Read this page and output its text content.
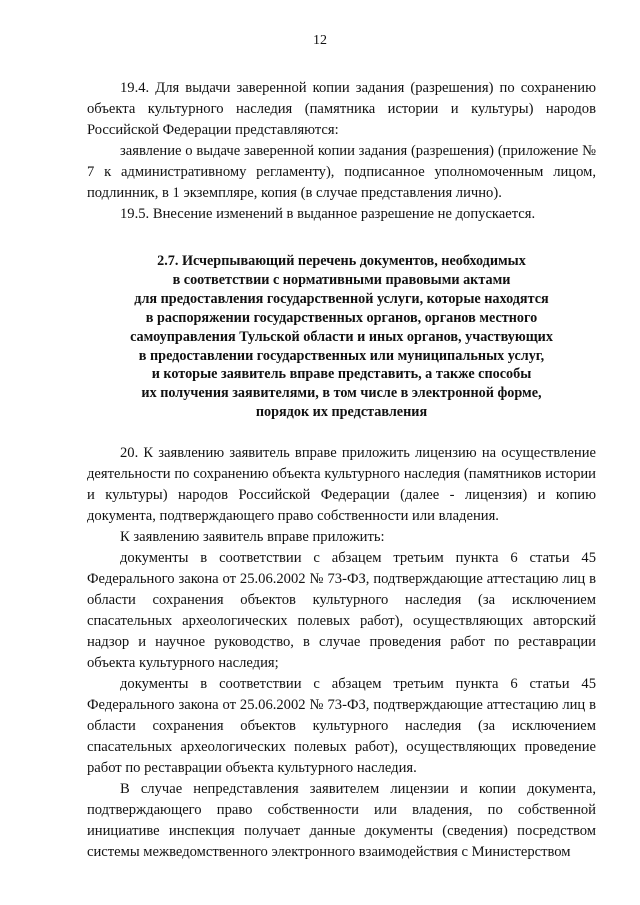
12

19.4. Для выдачи заверенной копии задания (разрешения) по сохранению объекта культурного наследия (памятника истории и культуры) народов Российской Федерации представляются:

заявление о выдаче заверенной копии задания (разрешения) (приложение № 7 к административному регламенту), подписанное уполномоченным лицом, подлинник, в 1 экземпляре, копия (в случае представления лично).

19.5. Внесение изменений в выданное разрешение не допускается.

2.7. Исчерпывающий перечень документов, необходимых
в соответствии с нормативными правовыми актами
для предоставления государственной услуги, которые находятся
в распоряжении государственных органов, органов местного
самоуправления Тульской области и иных органов, участвующих
в предоставлении государственных или муниципальных услуг,
и которые заявитель вправе представить, а также способы
их получения заявителями, в том числе в электронной форме,
порядок их представления

20. К заявлению заявитель вправе приложить лицензию на осуществление деятельности по сохранению объекта культурного наследия (памятников истории и культуры) народов Российской Федерации (далее - лицензия) и копию документа, подтверждающего право собственности или владения.

К заявлению заявитель вправе приложить:

документы в соответствии с абзацем третьим пункта 6 статьи 45 Федерального закона от 25.06.2002 № 73-ФЗ, подтверждающие аттестацию лиц в области сохранения объектов культурного наследия (за исключением спасательных археологических полевых работ), осуществляющих авторский надзор и научное руководство, в случае проведения работ по реставрации объекта культурного наследия;

документы в соответствии с абзацем третьим пункта 6 статьи 45 Федерального закона от 25.06.2002 № 73-ФЗ, подтверждающие аттестацию лиц в области сохранения объектов культурного наследия (за исключением спасательных археологических полевых работ), осуществляющих проведение работ по реставрации объекта культурного наследия.

В случае непредставления заявителем лицензии и копии документа, подтверждающего право собственности или владения, по собственной инициативе инспекция получает данные документы (сведения) посредством системы межведомственного электронного взаимодействия с Министерством
